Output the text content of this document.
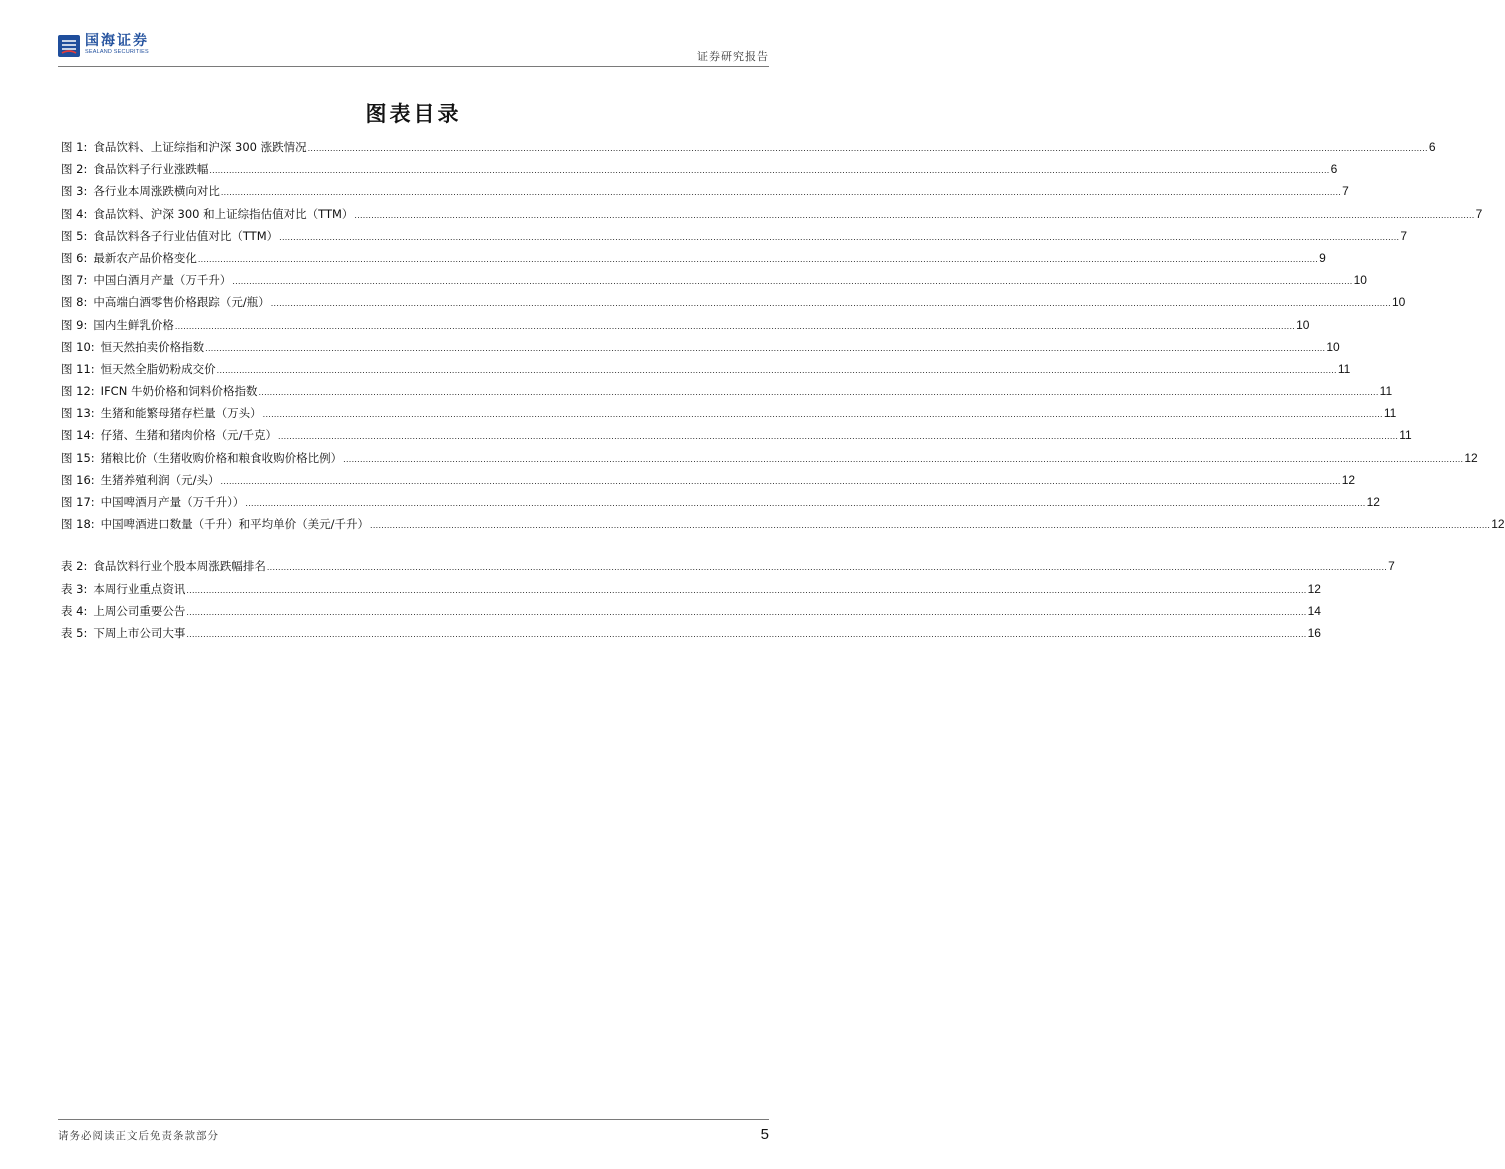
国海证券
SEALAND SECURITIES	证券研究报告
图表目录
图 1: 食品饮料、上证综指和沪深 300 涨跌情况 ................................................................................................................................................................................................................................................................................................................................................................................................................ 6
图 2: 食品饮料子行业涨跌幅 ................................................................................................................................................................................................................................................................................................................................................................................................................ 6
图 3: 各行业本周涨跌横向对比 ................................................................................................................................................................................................................................................................................................................................................................................................................ 7
图 4: 食品饮料、沪深 300 和上证综指估值对比（TTM） ................................................................................................................................................................................................................................................................................................................................................................................................................ 7
图 5: 食品饮料各子行业估值对比（TTM） ................................................................................................................................................................................................................................................................................................................................................................................................................ 7
图 6: 最新农产品价格变化 ................................................................................................................................................................................................................................................................................................................................................................................................................ 9
图 7: 中国白酒月产量（万千升） ................................................................................................................................................................................................................................................................................................................................................................................................................ 10
图 8: 中高端白酒零售价格跟踪（元/瓶） ................................................................................................................................................................................................................................................................................................................................................................................................................ 10
图 9: 国内生鲜乳价格 ................................................................................................................................................................................................................................................................................................................................................................................................................ 10
图 10: 恒天然拍卖价格指数 ................................................................................................................................................................................................................................................................................................................................................................................................................ 10
图 11: 恒天然全脂奶粉成交价 ................................................................................................................................................................................................................................................................................................................................................................................................................ 11
图 12: IFCN 牛奶价格和饲料价格指数 ................................................................................................................................................................................................................................................................................................................................................................................................................ 11
图 13: 生猪和能繁母猪存栏量（万头） ................................................................................................................................................................................................................................................................................................................................................................................................................ 11
图 14: 仔猪、生猪和猪肉价格（元/千克） ................................................................................................................................................................................................................................................................................................................................................................................................................ 11
图 15: 猪粮比价（生猪收购价格和粮食收购价格比例） ................................................................................................................................................................................................................................................................................................................................................................................................................ 12
图 16: 生猪养殖利润（元/头） ................................................................................................................................................................................................................................................................................................................................................................................................................ 12
图 17: 中国啤酒月产量（万千升）） ................................................................................................................................................................................................................................................................................................................................................................................................................ 12
图 18: 中国啤酒进口数量（千升）和平均单价（美元/千升） ................................................................................................................................................................................................................................................................................................................................................................................................................ 12
表 2: 食品饮料行业个股本周涨跌幅排名 ................................................................................................................................................................................................................................................................................................................................................................................................................ 7
表 3: 本周行业重点资讯 ................................................................................................................................................................................................................................................................................................................................................................................................................ 12
表 4: 上周公司重要公告 ................................................................................................................................................................................................................................................................................................................................................................................................................ 14
表 5: 下周上市公司大事 ................................................................................................................................................................................................................................................................................................................................................................................................................ 16
请务必阅读正文后免责条款部分	5
